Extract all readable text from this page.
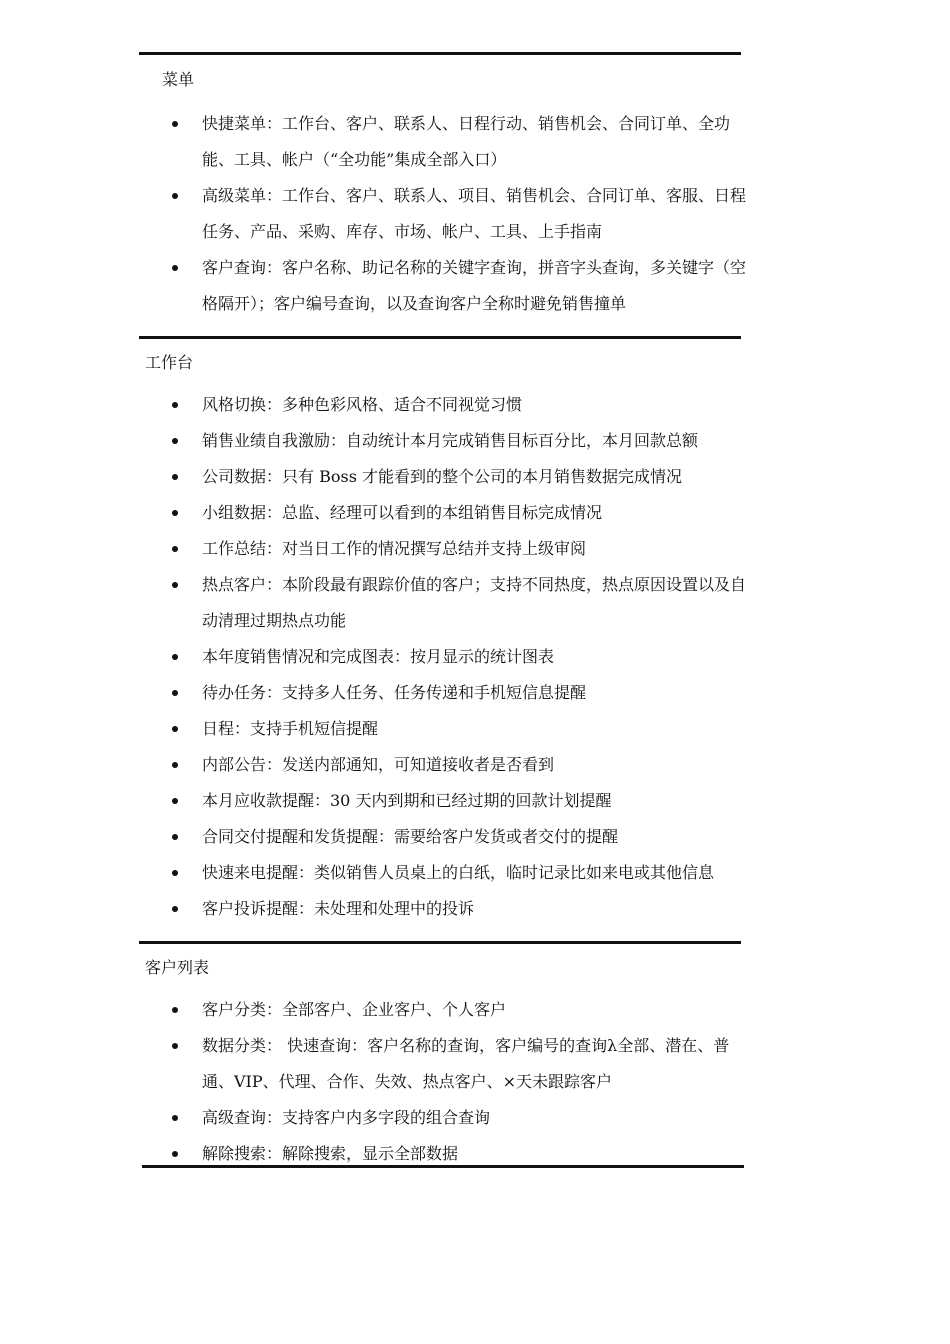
菜单
快捷菜单：工作台、客户、联系人、日程行动、销售机会、合同订单、全功能、工具、帐户（“全功能”集成全部入口）
高级菜单：工作台、客户、联系人、项目、销售机会、合同订单、客服、日程任务、产品、采购、库存、市场、帐户、工具、上手指南
客户查询：客户名称、助记名称的关键字查询，拼音字头查询，多关键字（空格隔开）；客户编号查询，以及查询客户全称时避免销售撞单
工作台
风格切换：多种色彩风格、适合不同视觉习惯
销售业绩自我激励：自动统计本月完成销售目标百分比，本月回款总额
公司数据：只有 Boss 才能看到的整个公司的本月销售数据完成情况
小组数据：总监、经理可以看到的本组销售目标完成情况
工作总结：对当日工作的情况撰写总结并支持上级审阅
热点客户：本阶段最有跟踪价值的客户；支持不同热度，热点原因设置以及自动清理过期热点功能
本年度销售情况和完成图表：按月显示的统计图表
待办任务：支持多人任务、任务传递和手机短信息提醒
日程：支持手机短信提醒
内部公告：发送内部通知，可知道接收者是否看到
本月应收款提醒：30 天内到期和已经过期的回款计划提醒
合同交付提醒和发货提醒：需要给客户发货或者交付的提醒
快速来电提醒：类似销售人员桌上的白纸，临时记录比如来电或其他信息
客户投诉提醒：未处理和处理中的投诉
客户列表
客户分类：全部客户、企业客户、个人客户
数据分类： 快速查询：客户名称的查询，客户编号的查询λ全部、潜在、普通、VIP、代理、合作、失效、热点客户、×天未跟踪客户
高级查询：支持客户内多字段的组合查询
解除搜索：解除搜索，显示全部数据
